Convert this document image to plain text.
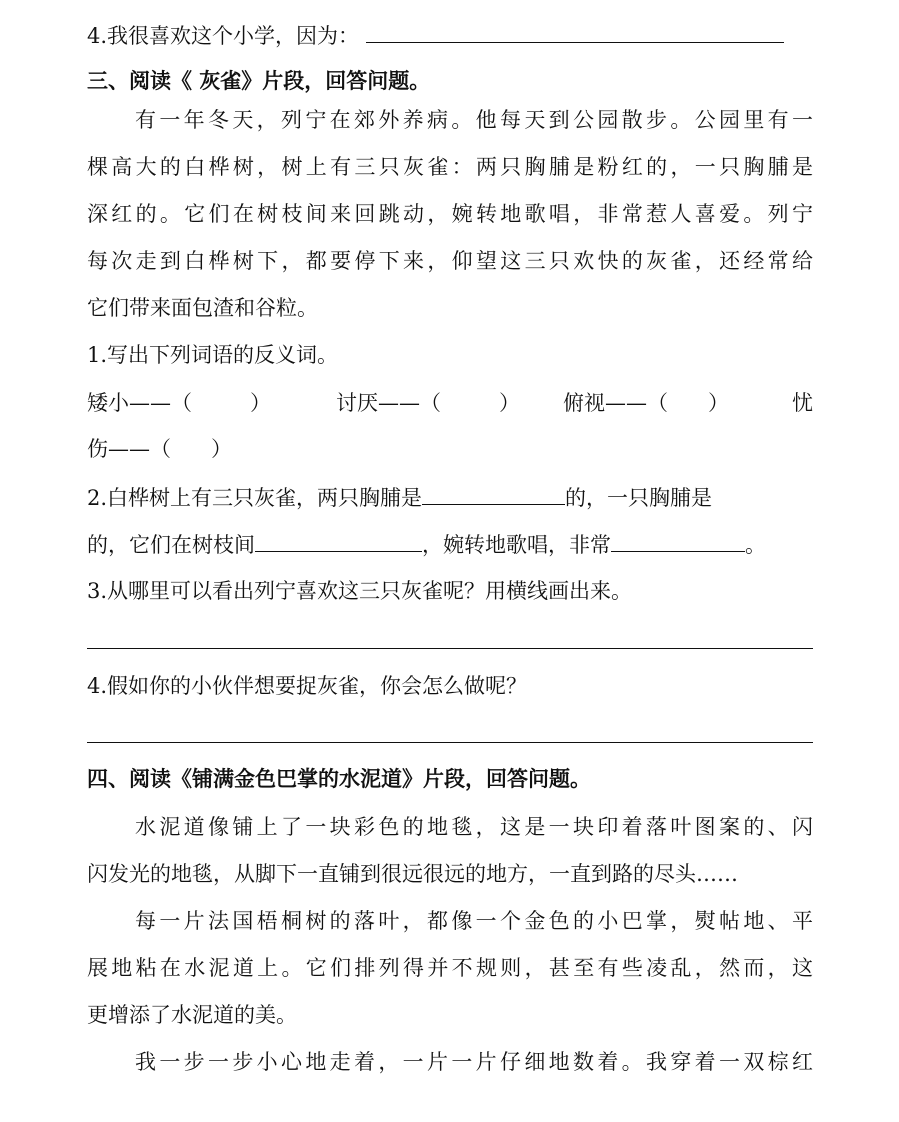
4.我很喜欢这个小学，因为：
三、阅读《 灰雀》片段，回答问题。
有一年冬天，列宁在郊外养病。他每天到公园散步。公园里有一
棵高大的白桦树，树上有三只灰雀：两只胸脯是粉红的，一只胸脯是
深红的。它们在树枝间来回跳动，婉转地歌唱，非常惹人喜爱。列宁
每次走到白桦树下，都要停下来，仰望这三只欢快的灰雀，还经常给
它们带来面包渣和谷粒。
1.写出下列词语的反义词。
矮小——（	）	讨厌——（	） 俯视——（ ）	忧
伤——（ ）
2.白桦树上有三只灰雀，两只胸脯是	的，一只胸脯是
的，它们在树枝间	，婉转地歌唱，非常	。
3.从哪里可以看出列宁喜欢这三只灰雀呢？用横线画出来。
4.假如你的小伙伴想要捉灰雀，你会怎么做呢？
四、阅读《铺满金色巴掌的水泥道》片段，回答问题。
水泥道像铺上了一块彩色的地毯，这是一块印着落叶图案的、闪
闪发光的地毯，从脚下一直铺到很远很远的地方，一直到路的尽头……
每一片法国梧桐树的落叶，都像一个金色的小巴掌，熨帖地、平
展地粘在水泥道上。它们排列得并不规则，甚至有些凌乱，然而，这
更增添了水泥道的美。
我一步一步小心地走着，一片一片仔细地数着。我穿着一双棕红
